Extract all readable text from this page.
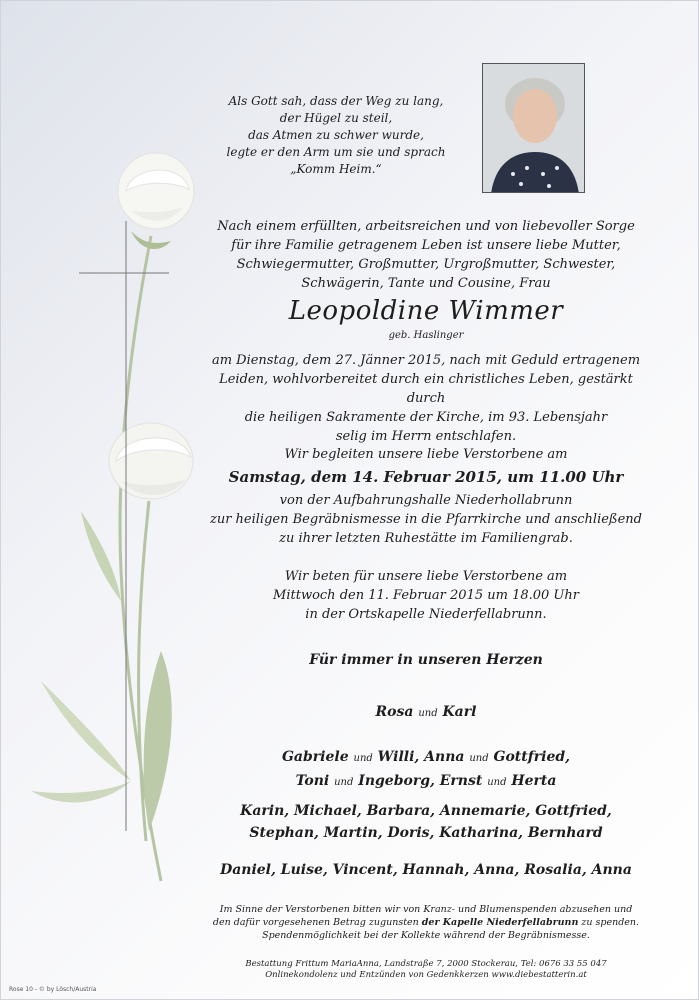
Als Gott sah, dass der Weg zu lang,
der Hügel zu steil,
das Atmen zu schwer wurde,
legte er den Arm um sie und sprach
„Komm Heim.“
Nach einem erfüllten, arbeitsreichen und von liebevoller Sorge
für ihre Familie getragenem Leben ist unsere liebe Mutter,
Schwiegermutter, Großmutter, Urgroßmutter, Schwester,
Schwägerin, Tante und Cousine, Frau
Leopoldine Wimmer
geb. Haslinger
am Dienstag, dem 27. Jänner 2015, nach mit Geduld ertragenem
Leiden, wohlvorbereitet durch ein christliches Leben, gestärkt durch
die heiligen Sakramente der Kirche, im 93. Lebensjahr
selig im Herrn entschlafen.
Wir begleiten unsere liebe Verstorbene am
Samstag, dem 14. Februar 2015, um 11.00 Uhr
von der Aufbahrungshalle Niederhollabrunn
zur heiligen Begräbnismesse in die Pfarrkirche und anschließend
zu ihrer letzten Ruhestätte im Familiengrab.
Wir beten für unsere liebe Verstorbene am
Mittwoch den 11. Februar 2015 um 18.00 Uhr
in der Ortskapelle Niederfellabrunn.
Für immer in unseren Herzen
Rosa und Karl
Gabriele und Willi, Anna und Gottfried,
Toni und Ingeborg, Ernst und Herta
Karin, Michael, Barbara, Annemarie, Gottfried,
Stephan, Martin, Doris, Katharina, Bernhard
Daniel, Luise, Vincent, Hannah, Anna, Rosalia, Anna
Im Sinne der Verstorbenen bitten wir von Kranz- und Blumenspenden abzusehen und
den dafür vorgesehenen Betrag zugunsten der Kapelle Niederfellabrunn zu spenden.
Spendenmöglichkeit bei der Kollekte während der Begräbnismesse.
Bestattung Frittum MariaAnna, Landstraße 7, 2000 Stockerau, Tel: 0676 33 55 047
Onlinekondolenz und Entzünden von Gedenkkerzen www.diebestatterin.at
Rose 10 - © by Lösch/Austria
